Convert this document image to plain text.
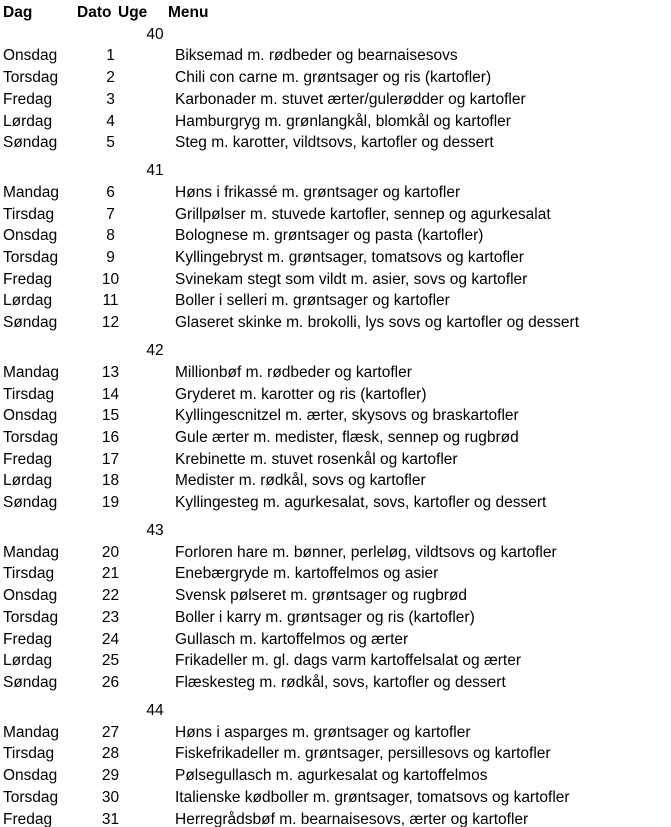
Dag	Dato Uge	Menu
40
Onsdag	1	Biksemad m. rødbeder og bearnaisesovs
Torsdag	2	Chili con carne m. grøntsager og ris (kartofler)
Fredag	3	Karbonader m. stuvet ærter/gulerødder og kartofler
Lørdag	4	Hamburgryg m. grønlangkål, blomkål og kartofler
Søndag	5	Steg m. karotter, vildtsovs, kartofler og dessert
41
Mandag	6	Høns i frikassé m. grøntsager og kartofler
Tirsdag	7	Grillpølser m. stuvede kartofler, sennep og agurkesalat
Onsdag	8	Bolognese m. grøntsager og pasta (kartofler)
Torsdag	9	Kyllingebryst m. grøntsager, tomatsovs og kartofler
Fredag	10	Svinekam stegt som vildt m. asier, sovs og kartofler
Lørdag	11	Boller i selleri m. grøntsager og kartofler
Søndag	12	Glaseret skinke m. brokolli, lys sovs og kartofler og dessert
42
Mandag	13	Millionbøf m. rødbeder og kartofler
Tirsdag	14	Gryderet m. karotter og ris (kartofler)
Onsdag	15	Kyllingescnitzel m. ærter, skysovs og braskartofler
Torsdag	16	Gule ærter m. medister, flæsk, sennep og rugbrød
Fredag	17	Krebinette m. stuvet rosenkål og kartofler
Lørdag	18	Medister m. rødkål, sovs og kartofler
Søndag	19	Kyllingesteg m. agurkesalat, sovs, kartofler og dessert
43
Mandag	20	Forloren hare m. bønner, perleløg, vildtsovs og kartofler
Tirsdag	21	Enebærgryde m. kartoffelmos og asier
Onsdag	22	Svensk pølseret m. grøntsager og rugbrød
Torsdag	23	Boller i karry m. grøntsager og ris (kartofler)
Fredag	24	Gullasch m. kartoffelmos og ærter
Lørdag	25	Frikadeller m. gl. dags varm kartoffelsalat og ærter
Søndag	26	Flæskesteg m. rødkål, sovs, kartofler og dessert
44
Mandag	27	Høns i asparges m. grøntsager og kartofler
Tirsdag	28	Fiskefrikadeller m. grøntsager, persillesovs og kartofler
Onsdag	29	Pølsegullasch m. agurkesalat og kartoffelmos
Torsdag	30	Italienske kødboller m. grøntsager, tomatsovs og kartofler
Fredag	31	Herregrådsbøf m. bearnaisesovs, ærter og kartofler
